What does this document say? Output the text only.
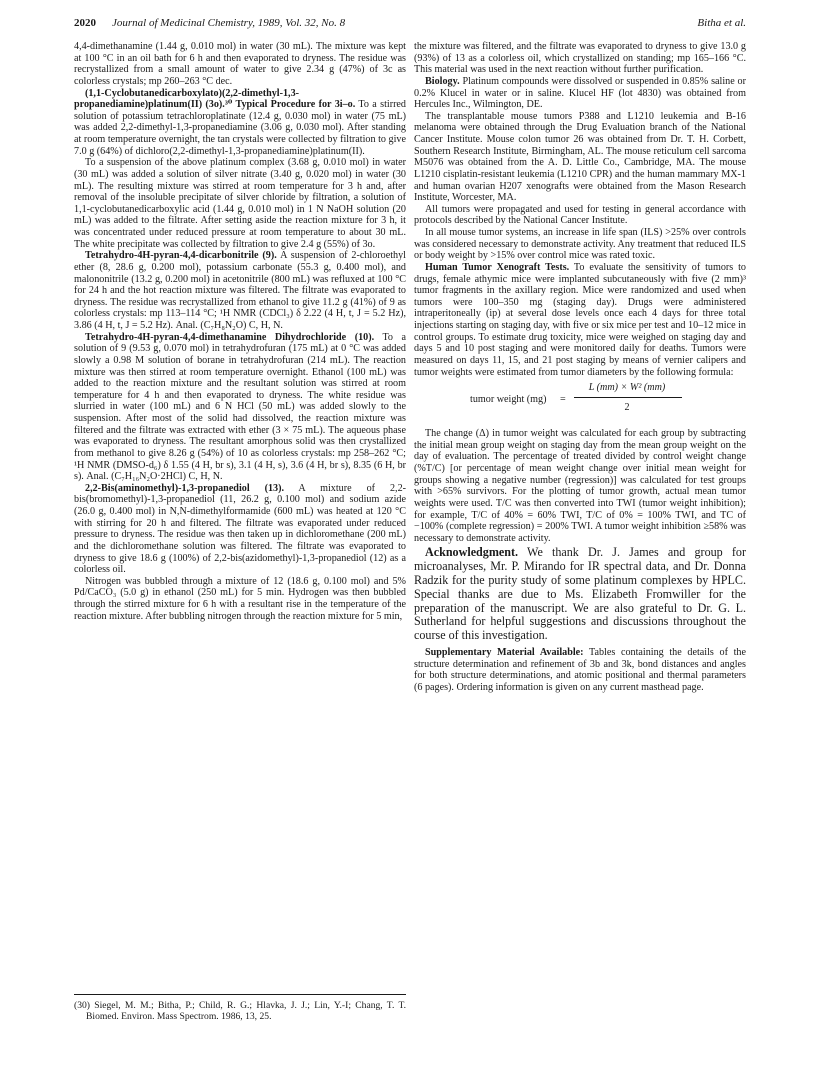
2020 Journal of Medicinal Chemistry, 1989, Vol. 32, No. 8	Bitha et al.

4,4-dimethanamine (1.44 g, 0.010 mol) in water (30 mL). The mixture was kept at 100 °C in an oil bath for 6 h and then evaporated to dryness. The residue was recrystallized from a small amount of water to give 2.34 g (47%) of 3c as colorless crystals; mp 260–263 °C dec.

(1,1-Cyclobutanedicarboxylato)(2,2-dimethyl-1,3-propanediamine)platinum(II) (3o).³⁰ Typical Procedure for 3i–o. To a stirred solution of potassium tetrachloroplatinate (12.4 g, 0.030 mol) in water (75 mL) was added 2,2-dimethyl-1,3-propanediamine (3.06 g, 0.030 mol). After standing at room temperature overnight, the tan crystals were collected by filtration to give 7.0 g (64%) of dichloro(2,2-dimethyl-1,3-propanediamine)platinum(II).

To a suspension of the above platinum complex (3.68 g, 0.010 mol) in water (30 mL) was added a solution of silver nitrate (3.40 g, 0.020 mol) in water (30 mL). The resulting mixture was stirred at room temperature for 3 h and, after removal of the insoluble precipitate of silver chloride by filtration, a solution of 1,1-cyclobutanedicarboxylic acid (1.44 g, 0.010 mol) in 1 N NaOH solution (20 mL) was added to the filtrate. After setting aside the reaction mixture for 3 h, it was concentrated under reduced pressure at room temperature to about 30 mL. The white precipitate was collected by filtration to give 2.4 g (55%) of 3o.

Tetrahydro-4H-pyran-4,4-dicarbonitrile (9). A suspension of 2-chloroethyl ether (8, 28.6 g, 0.200 mol), potassium carbonate (55.3 g, 0.400 mol), and malononitrile (13.2 g, 0.200 mol) in acetonitrile (800 mL) was refluxed at 100 °C for 24 h and the hot reaction mixture was filtered. The filtrate was evaporated to dryness. The residue was recrystallized from ethanol to give 11.2 g (41%) of 9 as colorless crystals: mp 113–114 °C; ¹H NMR (CDCl₃) δ 2.22 (4 H, t, J = 5.2 Hz), 3.86 (4 H, t, J = 5.2 Hz). Anal. (C₇H₈N₂O) C, H, N.

Tetrahydro-4H-pyran-4,4-dimethanamine Dihydrochloride (10). To a solution of 9 (9.53 g, 0.070 mol) in tetrahydrofuran (175 mL) at 0 °C was added slowly a 0.98 M solution of borane in tetrahydrofuran (214 mL). The reaction mixture was then stirred at room temperature overnight. Ethanol (100 mL) was added to the reaction mixture and the resultant solution was stirred at room temperature for 4 h and then evaporated to dryness. The white residue was slurried in water (100 mL) and 6 N HCl (50 mL) was added slowly to the suspension. After most of the solid had dissolved, the reaction mixture was filtered and the filtrate was extracted with ether (3 × 75 mL). The aqueous phase was evaporated to dryness. The resultant amorphous solid was then crystallized from methanol to give 8.26 g (54%) of 10 as colorless crystals: mp 258–262 °C; ¹H NMR (DMSO-d₆) δ 1.55 (4 H, br s), 3.1 (4 H, s), 3.6 (4 H, br s), 8.35 (6 H, br s). Anal. (C₇H₁₆N₂O·2HCl) C, H, N.

2,2-Bis(aminomethyl)-1,3-propanediol (13). A mixture of 2,2-bis(bromomethyl)-1,3-propanediol (11, 26.2 g, 0.100 mol) and sodium azide (26.0 g, 0.400 mol) in N,N-dimethylformamide (600 mL) was heated at 120 °C with stirring for 20 h and filtered. The filtrate was evaporated under reduced pressure to dryness. The residue was then taken up in dichloromethane (200 mL) and the dichloromethane solution was filtered. The filtrate was evaporated to dryness to give 18.6 g (100%) of 2,2-bis(azidomethyl)-1,3-propanediol (12) as a colorless oil.

Nitrogen was bubbled through a mixture of 12 (18.6 g, 0.100 mol) and 5% Pd/CaCO₃ (5.0 g) in ethanol (250 mL) for 5 min. Hydrogen was then bubbled through the stirred mixture for 6 h with a resultant rise in the temperature of the reaction mixture. After bubbling nitrogen through the reaction mixture for 5 min,

the mixture was filtered, and the filtrate was evaporated to dryness to give 13.0 g (93%) of 13 as a colorless oil, which crystallized on standing; mp 165–166 °C. This material was used in the next reaction without further purification.

Biology. Platinum compounds were dissolved or suspended in 0.85% saline or 0.2% Klucel in water or in saline. Klucel HF (lot 4830) was obtained from Hercules Inc., Wilmington, DE.

The transplantable mouse tumors P388 and L1210 leukemia and B-16 melanoma were obtained through the Drug Evaluation branch of the National Cancer Institute. Mouse colon tumor 26 was obtained from Dr. T. H. Corbett, Southern Research Institute, Birmingham, AL. The mouse reticulum cell sarcoma M5076 was obtained from the A. D. Little Co., Cambridge, MA. The mouse L1210 cisplatin-resistant leukemia (L1210 CPR) and the human mammary MX-1 and human ovarian H207 xenografts were obtained from the Mason Research Institute, Worcester, MA.

All tumors were propagated and used for testing in general accordance with protocols described by the National Cancer Institute.

In all mouse tumor systems, an increase in life span (ILS) >25% over controls was considered necessary to demonstrate activity. Any treatment that reduced ILS or body weight by >15% over control mice was rated toxic.

Human Tumor Xenograft Tests. To evaluate the sensitivity of tumors to drugs, female athymic mice were implanted subcutaneously with five (2 mm)³ tumor fragments in the axillary region. Mice were randomized and used when tumors were 100–350 mg (staging day). Drugs were administered intraperitoneally (ip) at several dose levels once each 4 days for three total injections starting on staging day, with five or six mice per test and 10–12 mice in control groups. To estimate drug toxicity, mice were weighed on staging day and days 5 and 10 post staging and were monitored daily for deaths. Tumors were measured on days 11, 15, and 21 post staging by means of vernier calipers and tumor weights were estimated from tumor diameters by the following formula:

tumor weight (mg) =
L (mm) × W² (mm)
2

The change (Δ) in tumor weight was calculated for each group by subtracting the initial mean group weight on staging day from the mean group weight on the day of evaluation. The percentage of treated divided by control weight change (%T/C) [or percentage of mean weight change over initial mean weight for groups showing a negative number (regression)] was calculated for test groups with >65% survivors. For the plotting of tumor growth, actual mean tumor weights were used. T/C was then converted into TWI (tumor weight inhibition); for example, T/C of 40% = 60% TWI, T/C of 0% = 100% TWI, and TC of −100% (complete regression) = 200% TWI. A tumor weight inhibition ≥58% was necessary to demonstrate activity.

Acknowledgment. We thank Dr. J. James and group for microanalyses, Mr. P. Mirando for IR spectral data, and Dr. Donna Radzik for the purity study of some platinum complexes by HPLC. Special thanks are due to Ms. Elizabeth Fromwiller for the preparation of the manuscript. We are also grateful to Dr. G. L. Sutherland for helpful suggestions and discussions throughout the course of this investigation.

Supplementary Material Available: Tables containing the details of the structure determination and refinement of 3b and 3k, bond distances and angles for both structure determinations, and atomic positional and thermal parameters (6 pages). Ordering information is given on any current masthead page.

(30) Siegel, M. M.; Bitha, P.; Child, R. G.; Hlavka, J. J.; Lin, Y.-I; Chang, T. T. Biomed. Environ. Mass Spectrom. 1986, 13, 25.
